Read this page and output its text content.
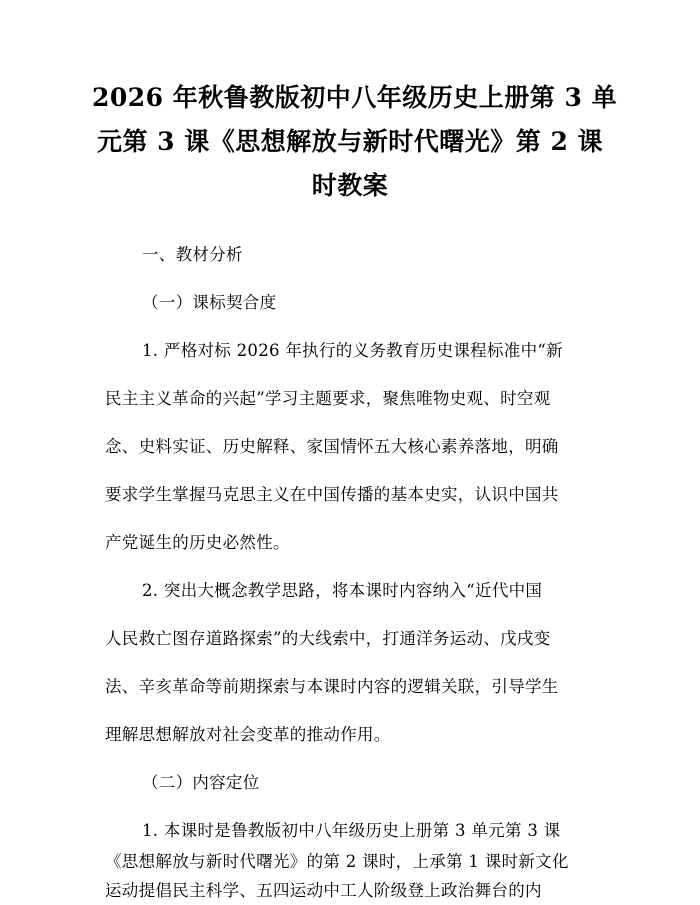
2026 年秋鲁教版初中八年级历史上册第 3 单
元第 3 课《思想解放与新时代曙光》第 2 课
时教案
一、教材分析
（一）课标契合度
1. 严格对标 2026 年执行的义务教育历史课程标准中“新
民主主义革命的兴起”学习主题要求，聚焦唯物史观、时空观
念、史料实证、历史解释、家国情怀五大核心素养落地，明确
要求学生掌握马克思主义在中国传播的基本史实，认识中国共
产党诞生的历史必然性。
2. 突出大概念教学思路，将本课时内容纳入“近代中国
人民救亡图存道路探索”的大线索中，打通洋务运动、戊戌变
法、辛亥革命等前期探索与本课时内容的逻辑关联，引导学生
理解思想解放对社会变革的推动作用。
（二）内容定位
1. 本课时是鲁教版初中八年级历史上册第 3 单元第 3 课
《思想解放与新时代曙光》的第 2 课时，上承第 1 课时新文化
运动提倡民主科学、五四运动中工人阶级登上政治舞台的内
